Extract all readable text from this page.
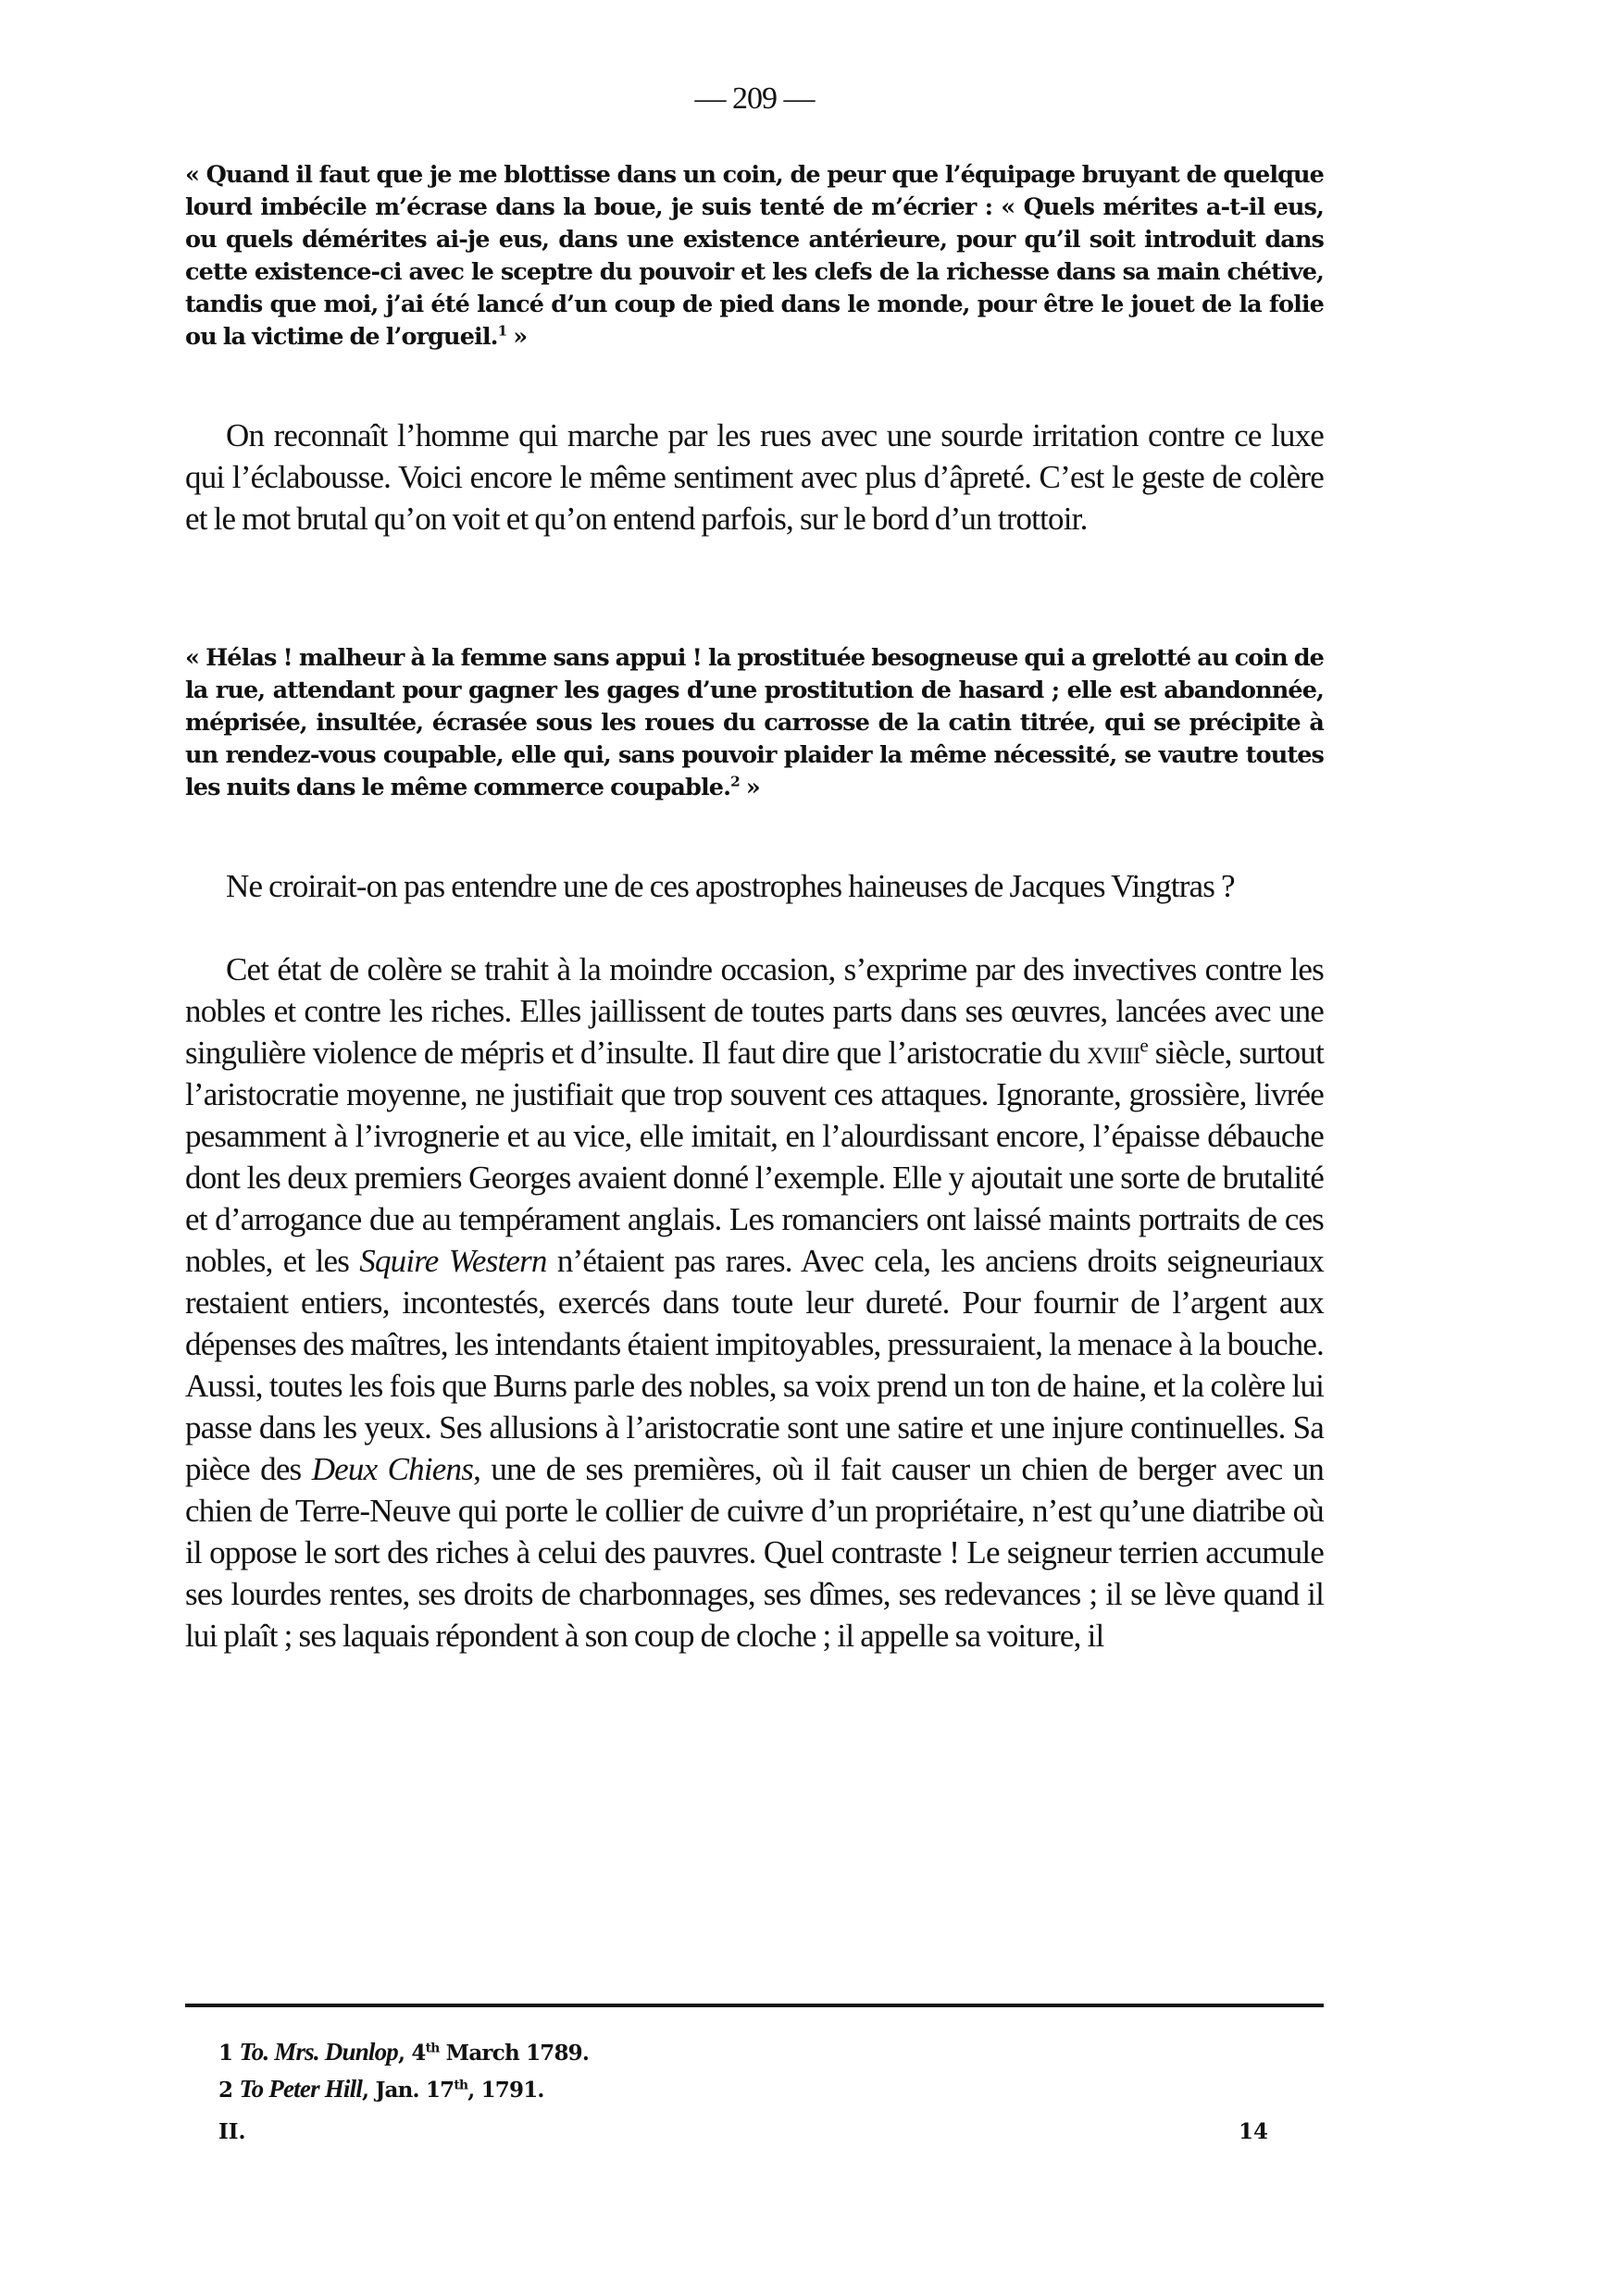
— 209 —

« Quand il faut que je me blottisse dans un coin, de peur que l’équipage bruyant de quelque lourd imbécile m’écrase dans la boue, je suis tenté de m’écrier : « Quels mérites a-t-il eus, ou quels démérites ai-je eus, dans une existence antérieure, pour qu’il soit introduit dans cette existence-ci avec le sceptre du pouvoir et les clefs de la richesse dans sa main chétive, tandis que moi, j’ai été lancé d’un coup de pied dans le monde, pour être le jouet de la folie ou la victime de l’orgueil.$^1$ »

On reconnaît l’homme qui marche par les rues avec une sourde irritation contre ce luxe qui l’éclabousse. Voici encore le même sentiment avec plus d’âpreté. C’est le geste de colère et le mot brutal qu’on voit et qu’on entend parfois, sur le bord d’un trottoir.

« Hélas ! malheur à la femme sans appui ! la prostituée besogneuse qui a grelotté au coin de la rue, attendant pour gagner les gages d’une prostitution de hasard ; elle est abandonnée, méprisée, insultée, écrasée sous les roues du carrosse de la catin titrée, qui se précipite à un rendez-vous coupable, elle qui, sans pouvoir plaider la même nécessité, se vautre toutes les nuits dans le même commerce coupable.$^2$ »

Ne croirait-on pas entendre une de ces apostrophes haineuses de Jacques Vingtras ?

Cet état de colère se trahit à la moindre occasion, s’exprime par des invectives contre les nobles et contre les riches. Elles jaillissent de toutes parts dans ses œuvres, lancées avec une singulière violence de mépris et d’insulte. Il faut dire que l’aristocratie du xviii$^e$ siècle, surtout l’aristocratie moyenne, ne justifiait que trop souvent ces attaques. Ignorante, grossière, livrée pesamment à l’ivrognerie et au vice, elle imitait, en l’alourdissant encore, l’épaisse débauche dont les deux premiers Georges avaient donné l’exemple. Elle y ajoutait une sorte de brutalité et d’arrogance due au tempérament anglais. Les romanciers ont laissé maints portraits de ces nobles, et les Squire Western n’étaient pas rares. Avec cela, les anciens droits seigneuriaux restaient entiers, incontestés, exercés dans toute leur dureté. Pour fournir de l’argent aux dépenses des maîtres, les intendants étaient impitoyables, pressuraient, la menace à la bouche. Aussi, toutes les fois que Burns parle des nobles, sa voix prend un ton de haine, et la colère lui passe dans les yeux. Ses allusions à l’aristocratie sont une satire et une injure continuelles. Sa pièce des Deux Chiens, une de ses premières, où il fait causer un chien de berger avec un chien de Terre-Neuve qui porte le collier de cuivre d’un propriétaire, n’est qu’une diatribe où il oppose le sort des riches à celui des pauvres. Quel contraste ! Le seigneur terrien accumule ses lourdes rentes, ses droits de charbonnages, ses dîmes, ses redevances ; il se lève quand il lui plaît ; ses laquais répondent à son coup de cloche ; il appelle sa voiture, il

1 To. Mrs. Dunlop, 4th March 1789.
2 To Peter Hill, Jan. 17th, 1791.
II.	14
